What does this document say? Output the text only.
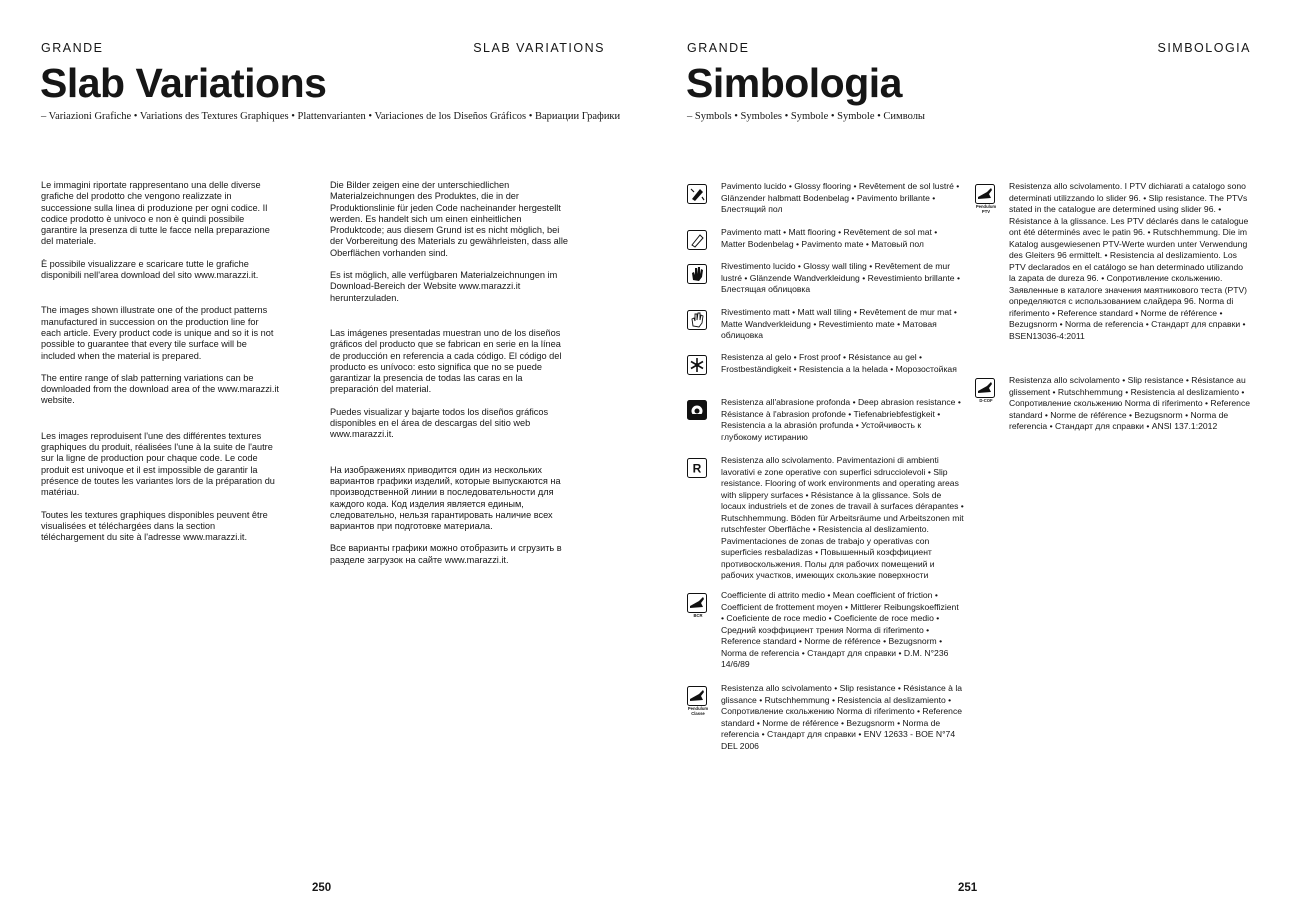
GRANDE	SLAB VARIATIONS
Slab Variations
– Variazioni Grafiche • Variations des Textures Graphiques • Plattenvarianten • Variaciones de los Diseños Gráficos • Вариации Графики

Le immagini riportate rappresentano una delle diverse grafiche del prodotto che vengono realizzate in successione sulla linea di produzione per ogni codice. Il codice prodotto è univoco e non è quindi possibile garantire la presenza di tutte le facce nella preparazione del materiale.

È possibile visualizzare e scaricare tutte le grafiche disponibili nell'area download del sito www.marazzi.it.

The images shown illustrate one of the product patterns manufactured in succession on the production line for each article. Every product code is unique and so it is not possible to guarantee that every tile surface will be included when the material is prepared.

The entire range of slab patterning variations can be downloaded from the download area of the www.marazzi.it website.

Les images reproduisent l'une des différentes textures graphiques du produit, réalisées l'une à la suite de l'autre sur la ligne de production pour chaque code. Le code produit est univoque et il est impossible de garantir la présence de toutes les variantes lors de la préparation du matériau.

Toutes les textures graphiques disponibles peuvent être visualisées et téléchargées dans la section téléchargement du site à l'adresse www.marazzi.it.

Die Bilder zeigen eine der unterschiedlichen Materialzeichnungen des Produktes, die in der Produktionslinie für jeden Code nacheinander hergestellt werden. Es handelt sich um einen einheitlichen Produktcode; aus diesem Grund ist es nicht möglich, bei der Vorbereitung des Materials zu gewährleisten, dass alle Oberflächen vorhanden sind.

Es ist möglich, alle verfügbaren Materialzeichnungen im Download-Bereich der Website www.marazzi.it herunterzuladen.

Las imágenes presentadas muestran uno de los diseños gráficos del producto que se fabrican en serie en la línea de producción en referencia a cada código. El código del producto es unívoco: esto significa que no se puede garantizar la presencia de todas las caras en la preparación del material.

Puedes visualizar y bajarte todos los diseños gráficos disponibles en el área de descargas del sitio web www.marazzi.it.

На изображениях приводится один из нескольких вариантов графики изделий, которые выпускаются на производственной линии в последовательности для каждого кода. Код изделия является единым, следовательно, нельзя гарантировать наличие всех вариантов при подготовке материала.

Все варианты графики можно отобразить и сгрузить в разделе загрузок на сайте www.marazzi.it.

250
GRANDE	SIMBOLOGIA
Simbologia
– Symbols • Symboles • Symbole • Symbole • Символы
Pavimento lucido • Glossy flooring • Revêtement de sol lustré • Glänzender halbmatt Bodenbelag • Pavimento brillante • Блестящий пол
Pavimento matt • Matt flooring • Revêtement de sol mat • Matter Bodenbelag • Pavimento mate • Матовый пол
Rivestimento lucido • Glossy wall tiling • Revêtement de mur lustré • Glänzende Wandverkleidung • Revestimiento brillante • Блестящая облицовка
Rivestimento matt • Matt wall tiling • Revêtement de mur mat • Matte Wandverkleidung • Revestimiento mate • Матовая облицовка
Resistenza al gelo • Frost proof • Résistance au gel • Frostbeständigkeit • Resistencia a la helada • Морозостойкая
Resistenza all'abrasione profonda • Deep abrasion resistance • Résistance à l'abrasion profonde • Tiefenabriebfestigkeit • Resistencia a la abrasión profunda • Устойчивость к глубокому истиранию
R
Resistenza allo scivolamento. Pavimentazioni di ambienti lavorativi e zone operative con superfici sdrucciolevoli • Slip resistance. Flooring of work environments and operating areas with slippery surfaces • Résistance à la glissance. Sols de locaux industriels et de zones de travail à surfaces dérapantes • Rutschhemmung. Böden für Arbeitsräume und Arbeitszonen mit rutschfester Oberfläche • Resistencia al deslizamiento. Pavimentaciones de zonas de trabajo y operativas con superficies resbaladizas • Повышенный коэффициент противоскольжения. Полы для рабочих помещений и рабочих участков, имеющих скользкие поверхности
BCR
Coefficiente di attrito medio • Mean coefficient of friction • Coefficient de frottement moyen • Mittlerer Reibungskoeffizient • Coeficiente de roce medio • Coeficiente de roce medio • Средний коэффициент трения Norma di riferimento • Reference standard • Norme de référence • Bezugsnorm • Norma de referencia • Стандарт для справки • D.M. N°236 14/6/89
Pendulum Classe
Resistenza allo scivolamento • Slip resistance • Résistance à la glissance • Rutschhemmung • Resistencia al deslizamiento • Сопротивление скольжению Norma di riferimento • Reference standard • Norme de référence • Bezugsnorm • Norma de referencia • Стандарт для справки • ENV 12633 - BOE N°74 DEL 2006
Pendulum PTV
Resistenza allo scivolamento. I PTV dichiarati a catalogo sono determinati utilizzando lo slider 96. • Slip resistance. The PTVs stated in the catalogue are determined using slider 96. • Résistance à la glissance. Les PTV déclarés dans le catalogue ont été déterminés avec le patin 96. • Rutschhemmung. Die im Katalog ausgewiesenen PTV-Werte wurden unter Verwendung des Gleiters 96 ermittelt. • Resistencia al deslizamiento. Los PTV declarados en el catálogo se han determinado utilizando la zapata de dureza 96. • Сопротивление скольжению. Заявленные в каталоге значения маятникового теста (PTV) определяются с использованием слайдера 96. Norma di riferimento • Reference standard • Norme de référence • Bezugsnorm • Norma de referencia • Стандарт для справки • BSEN13036-4:2011
D-COF
Resistenza allo scivolamento • Slip resistance • Résistance au glissement • Rutschhemmung • Resistencia al deslizamiento • Сопротивление скольжению Norma di riferimento • Reference standard • Norme de référence • Bezugsnorm • Norma de referencia • Стандарт для справки • ANSI 137.1:2012
251
